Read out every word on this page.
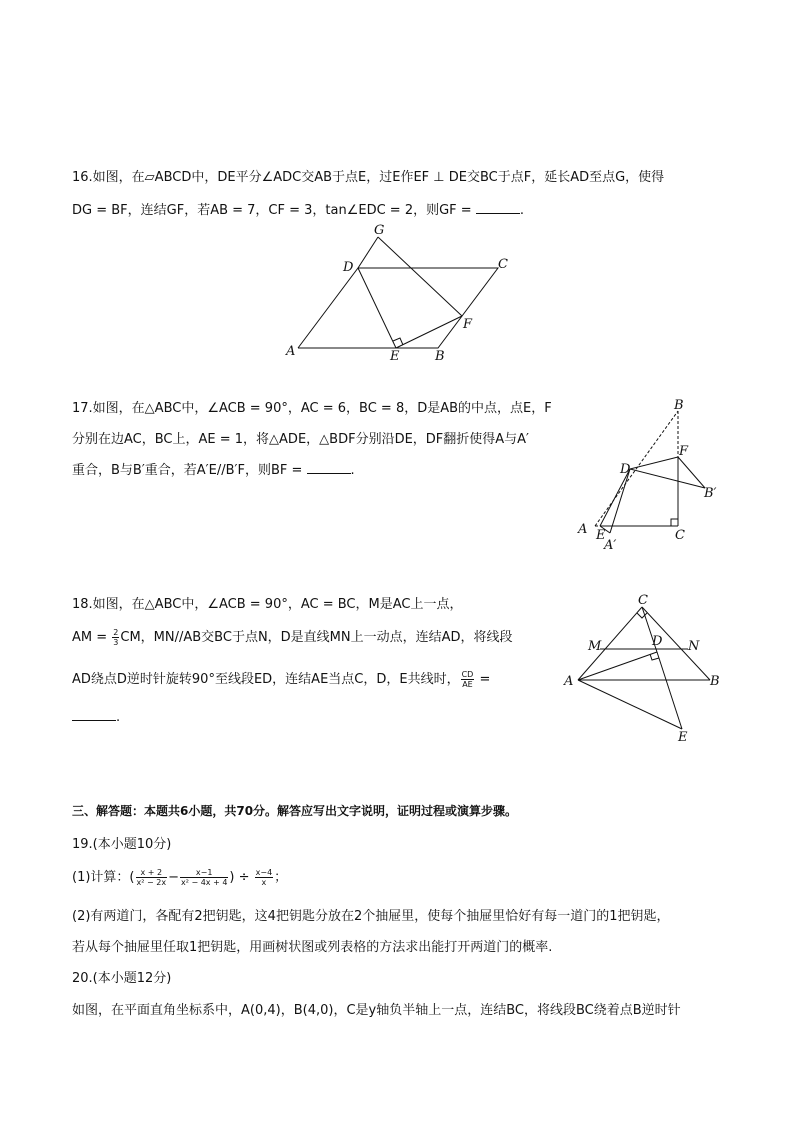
16.如图，在▱ABCD中，DE平分∠ADC交AB于点E，过E作EF ⊥ DE交BC于点F，延长AD至点G，使得
DG = BF，连结GF，若AB = 7，CF = 3，tan∠EDC = 2，则GF =	.
G
D	C
F
A	E	B
17.如图，在△ABC中，∠ACB = 90°，AC = 6，BC = 8，D是AB的中点，点E，F
分别在边AC，BC上，AE = 1，将△ADE，△BDF分别沿DE，DF翻折使得A与A′
重合，B与B′重合，若A′E//B′F，则BF =	.
B
D
F
B′
A E
A′
C
18.如图，在△ABC中，∠ACB = 90°，AC = BC，M是AC上一点，
AM = $\frac{2}{3}$ CM，MN//AB交BC于点N，D是直线MN上一动点，连结AD，将线段
AD绕点D逆时针旋转90°至线段ED，连结AE当点C，D，E共线时， $\frac{CD}{AE}$ =
.
C
M	D N
A	B
E
三、解答题：本题共6小题，共70分。解答应写出文字说明，证明过程或演算步骤。
19.(本小题10分)
(1)计算：( $\frac{x + 2}{\text{x² − 2x}} - \frac{x-1}{\text{x² − 4x + 4}}$ ) ÷ $\frac{x-4}{x}$ ；
(2)有两道门，各配有2把钥匙，这4把钥匙分放在2个抽屉里，使每个抽屉里恰好有每一道门的1把钥匙，
若从每个抽屉里任取1把钥匙，用画树状图或列表格的方法求出能打开两道门的概率.
20.(本小题12分)
如图，在平面直角坐标系中，A(0,4)，B(4,0)，C是y轴负半轴上一点，连结BC，将线段BC绕着点B逆时针
